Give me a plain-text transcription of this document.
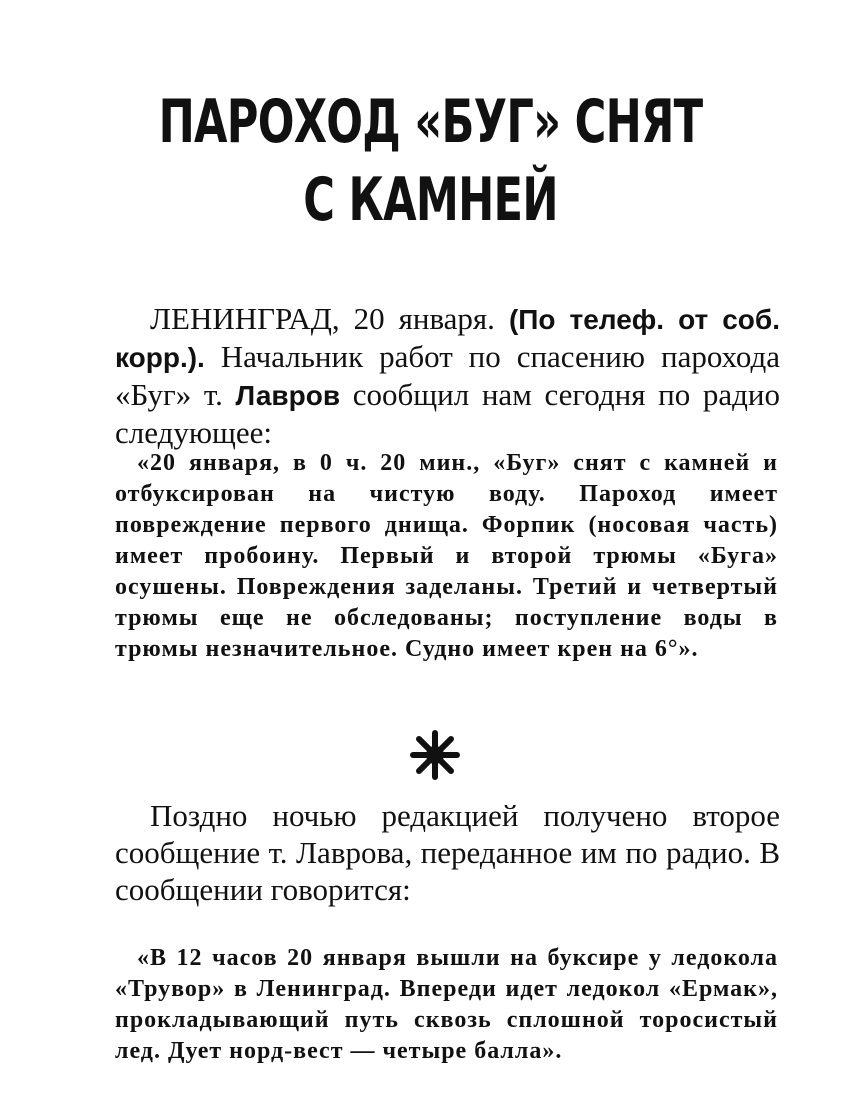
ПАРОХОД «БУГ» СНЯТ
С КАМНЕЙ

ЛЕНИНГРАД, 20 января. (По телеф. от соб. корр.). Начальник работ по спасению парохода «Буг» т. Лавров сообщил нам сегодня по радио следующее:

«20 января, в 0 ч. 20 мин., «Буг» снят с камней и отбуксирован на чистую воду. Пароход имеет повреждение первого днища. Форпик (носовая часть) имеет пробоину. Первый и второй трюмы «Буга» осушены. Повреждения заделаны. Третий и четвертый трюмы еще не обследованы; поступление воды в трюмы незначительное. Судно имеет крен на 6°».

Поздно ночью редакцией получено второе сообщение т. Лаврова, переданное им по радио. В сообщении говорится:

«В 12 часов 20 января вышли на буксире у ледокола «Трувор» в Ленинград. Впереди идет ледокол «Ермак», прокладывающий путь сквозь сплошной торосистый лед. Дует норд-вест — четыре балла».
